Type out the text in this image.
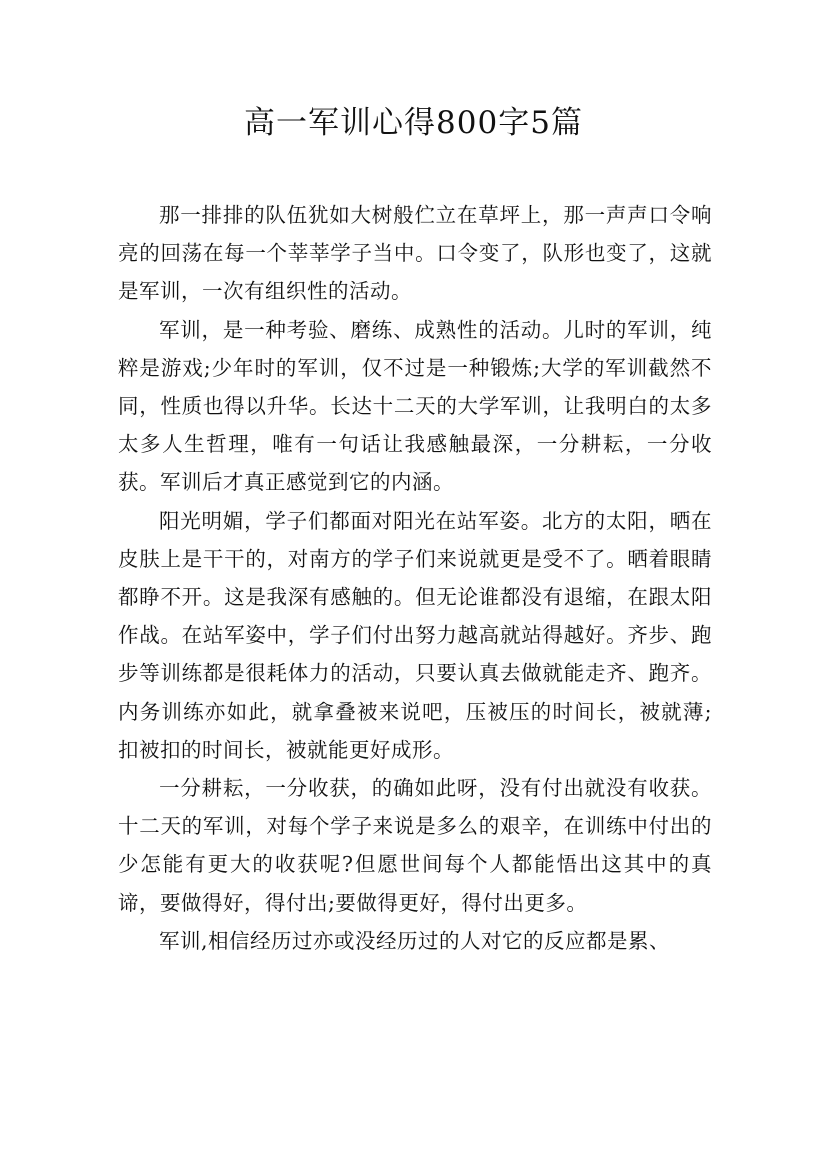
高一军训心得800字5篇

那一排排的队伍犹如大树般伫立在草坪上，那一声声口令响亮的回荡在每一个莘莘学子当中。口令变了，队形也变了，这就是军训，一次有组织性的活动。

军训，是一种考验、磨练、成熟性的活动。儿时的军训，纯粹是游戏;少年时的军训，仅不过是一种锻炼;大学的军训截然不同，性质也得以升华。长达十二天的大学军训，让我明白的太多太多人生哲理，唯有一句话让我感触最深，一分耕耘，一分收获。军训后才真正感觉到它的内涵。

阳光明媚，学子们都面对阳光在站军姿。北方的太阳，晒在皮肤上是干干的，对南方的学子们来说就更是受不了。晒着眼睛都睁不开。这是我深有感触的。但无论谁都没有退缩，在跟太阳作战。在站军姿中，学子们付出努力越高就站得越好。齐步、跑步等训练都是很耗体力的活动，只要认真去做就能走齐、跑齐。内务训练亦如此，就拿叠被来说吧，压被压的时间长，被就薄;扣被扣的时间长，被就能更好成形。

一分耕耘，一分收获，的确如此呀，没有付出就没有收获。十二天的军训，对每个学子来说是多么的艰辛，在训练中付出的少怎能有更大的收获呢?但愿世间每个人都能悟出这其中的真谛，要做得好，得付出;要做得更好，得付出更多。

军训,相信经历过亦或没经历过的人对它的反应都是累、
